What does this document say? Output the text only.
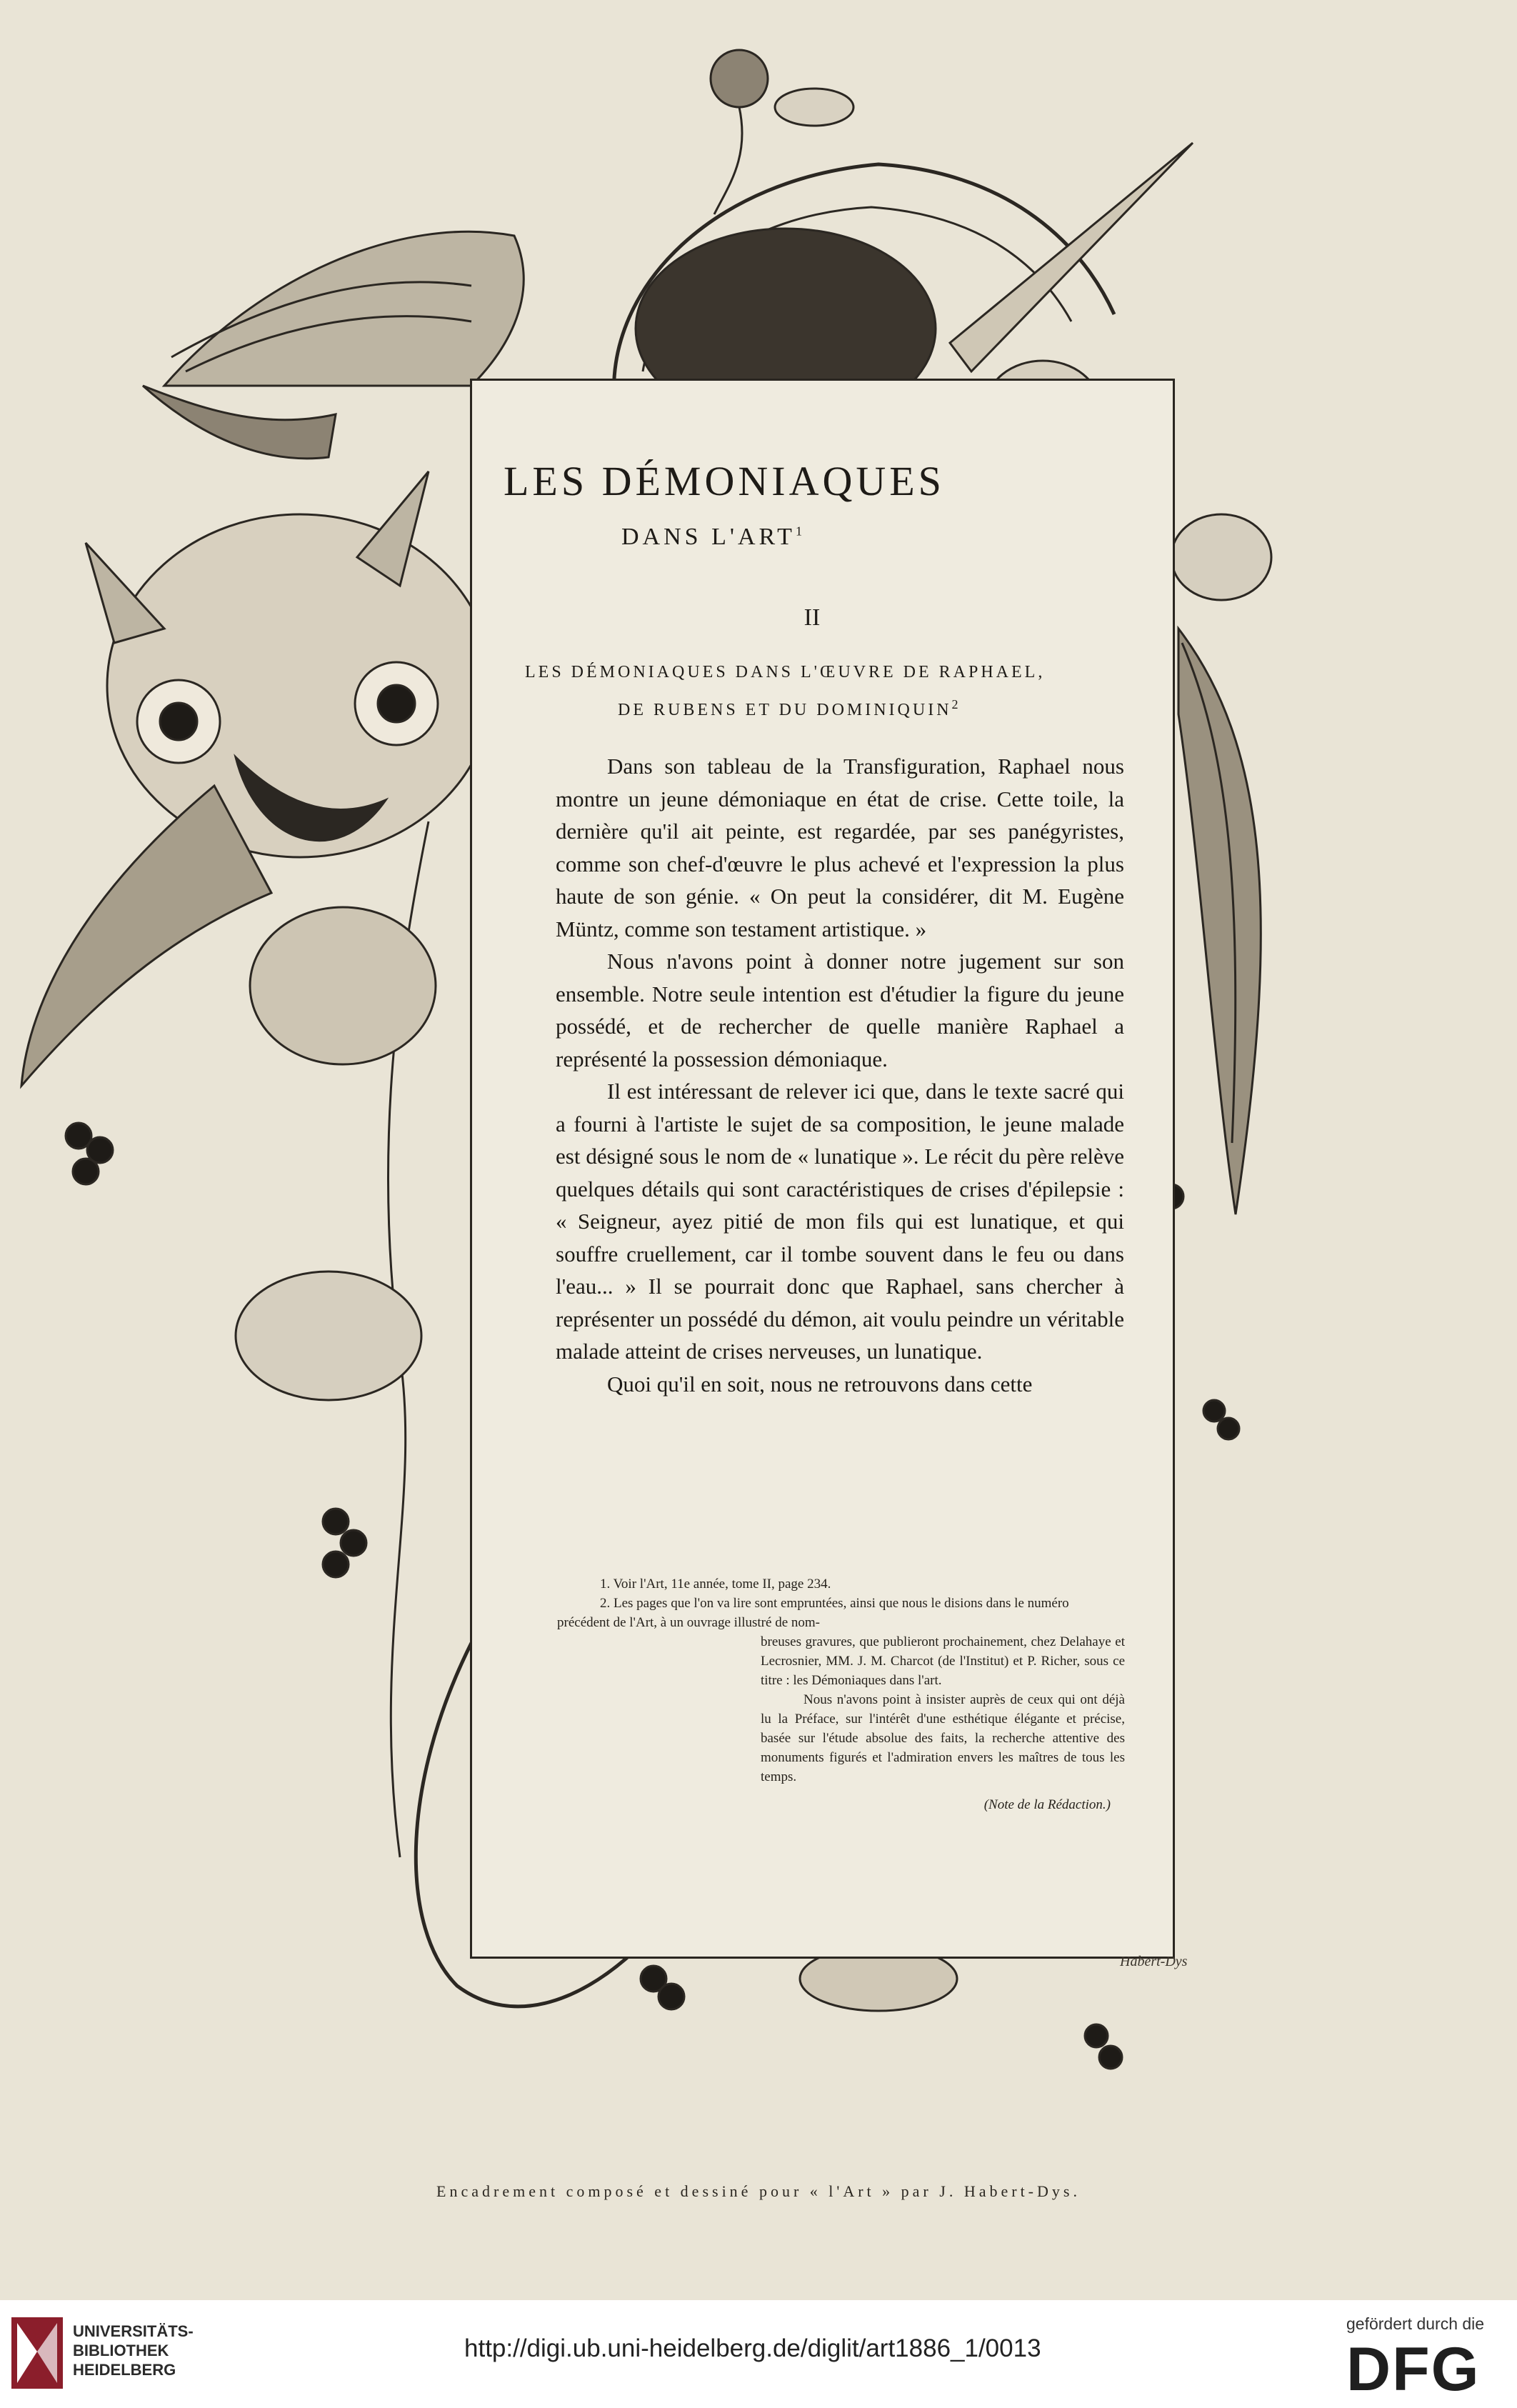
LES DÉMONIAQUES
DANS L'ART$^1$
II
LES DÉMONIAQUES DANS L'ŒUVRE DE RAPHAEL,
DE RUBENS ET DU DOMINIQUIN$^2$

Dans son tableau de la Transfiguration, Raphael nous montre un jeune démoniaque en état de crise. Cette toile, la dernière qu'il ait peinte, est regardée, par ses panégyristes, comme son chef-d'œuvre le plus achevé et l'expression la plus haute de son génie. « On peut la considérer, dit M. Eugène Müntz, comme son testament artistique. »

Nous n'avons point à donner notre jugement sur son ensemble. Notre seule intention est d'étudier la figure du jeune possédé, et de rechercher de quelle manière Raphael a représenté la possession démoniaque.

Il est intéressant de relever ici que, dans le texte sacré qui a fourni à l'artiste le sujet de sa composition, le jeune malade est désigné sous le nom de « lunatique ». Le récit du père relève quelques détails qui sont caractéristiques de crises d'épilepsie : « Seigneur, ayez pitié de mon fils qui est lunatique, et qui souffre cruellement, car il tombe souvent dans le feu ou dans l'eau... » Il se pourrait donc que Raphael, sans chercher à représenter un possédé du démon, ait voulu peindre un véritable malade atteint de crises nerveuses, un lunatique.

Quoi qu'il en soit, nous ne retrouvons dans cette

1. Voir l'Art, 11e année, tome II, page 234.

2. Les pages que l'on va lire sont empruntées, ainsi que nous le disions dans le numéro précédent de l'Art, à un ouvrage illustré de nom-

breuses gravures, que publieront prochainement, chez Delahaye et Lecrosnier, MM. J. M. Charcot (de l'Institut) et P. Richer, sous ce titre : les Démoniaques dans l'art.

Nous n'avons point à insister auprès de ceux qui ont déjà lu la Préface, sur l'intérêt d'une esthétique élégante et précise, basée sur l'étude absolue des faits, la recherche attentive des monuments figurés et l'admiration envers les maîtres de tous les temps.

(Note de la Rédaction.)

Habert-Dys
Encadrement composé et dessiné pour « l'Art » par J. Habert-Dys.
UNIVERSITÄTS-
BIBLIOTHEK
HEIDELBERG
http://digi.ub.uni-heidelberg.de/diglit/art1886_1/0013
gefördert durch die
DFG
